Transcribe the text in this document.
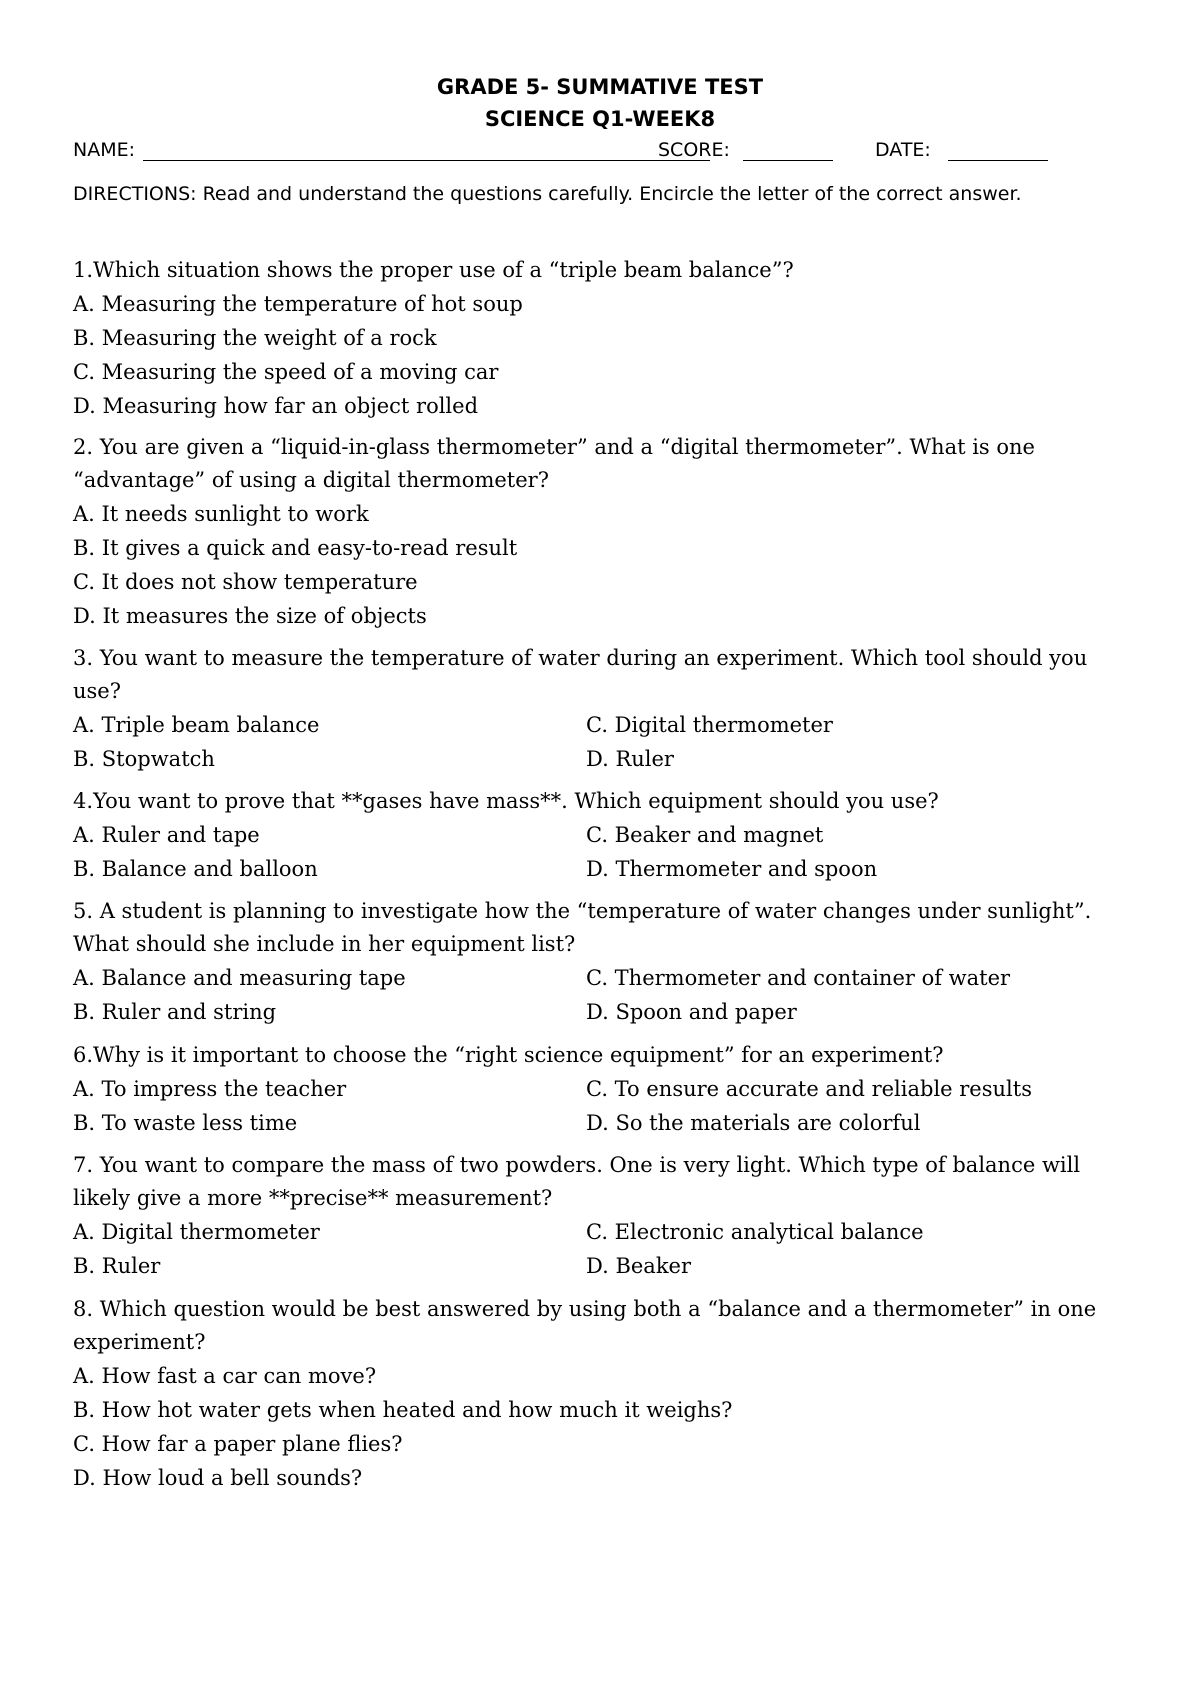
GRADE 5- SUMMATIVE TEST
SCIENCE Q1-WEEK8
NAME:	SCORE:	DATE:
DIRECTIONS: Read and understand the questions carefully. Encircle the letter of the correct answer.
1.Which situation shows the proper use of a “triple beam balance”?
A. Measuring the temperature of hot soup
B. Measuring the weight of a rock
C. Measuring the speed of a moving car
D. Measuring how far an object rolled
2. You are given a “liquid-in-glass thermometer” and a “digital thermometer”. What is one
“advantage” of using a digital thermometer?
A. It needs sunlight to work
B. It gives a quick and easy-to-read result
C. It does not show temperature
D. It measures the size of objects
3. You want to measure the temperature of water during an experiment. Which tool should you
use?
A. Triple beam balance	C. Digital thermometer
B. Stopwatch	D. Ruler
4.You want to prove that **gases have mass**. Which equipment should you use?
A. Ruler and tape	C. Beaker and magnet
B. Balance and balloon	D. Thermometer and spoon
5. A student is planning to investigate how the “temperature of water changes under sunlight”.
What should she include in her equipment list?
A. Balance and measuring tape	C. Thermometer and container of water
B. Ruler and string	D. Spoon and paper
6.Why is it important to choose the “right science equipment” for an experiment?
A. To impress the teacher	C. To ensure accurate and reliable results
B. To waste less time	D. So the materials are colorful
7. You want to compare the mass of two powders. One is very light. Which type of balance will
likely give a more **precise** measurement?
A. Digital thermometer	C. Electronic analytical balance
B. Ruler	D. Beaker
8. Which question would be best answered by using both a “balance and a thermometer” in one
experiment?
A. How fast a car can move?
B. How hot water gets when heated and how much it weighs?
C. How far a paper plane flies?
D. How loud a bell sounds?
